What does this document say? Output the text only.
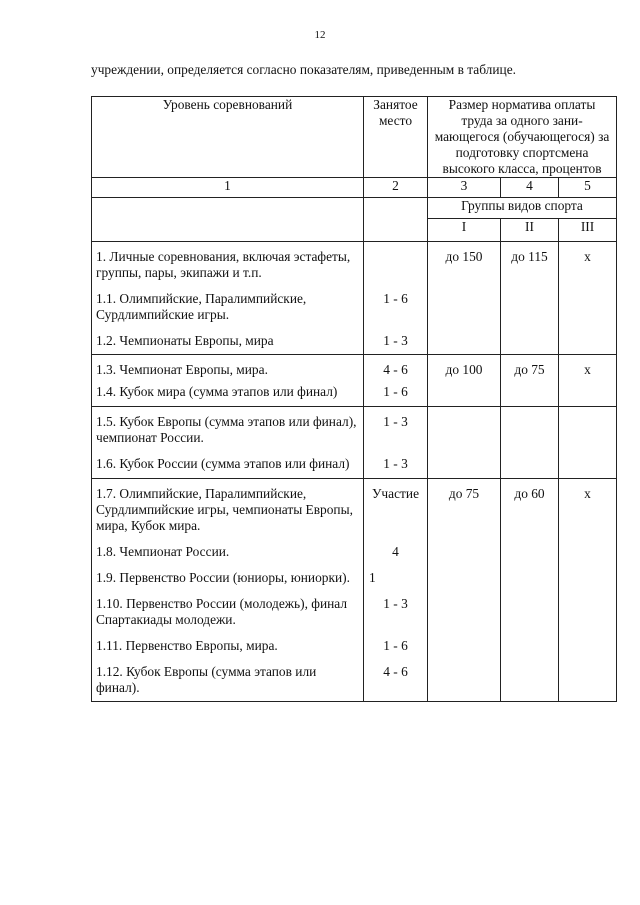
12
учреждении, определяется согласно показателям, приведенным в таблице.
Уровень соревнований	Занятое место	Размер норматива оплаты труда за одного зани-мающегося (обучающегося) за подготовку спортсмена высокого класса, процентов		
1	2	3	4	5
		Группы видов спорта		
		I	II	III
1. Личные соревнования, включая эстафеты, группы, пары, экипажи и т.п.		до 150	до 115	х
1.1. Олимпийские, Паралимпийские, Сурдлимпийские игры.	1 - 6			
1.2. Чемпионаты Европы, мира	1 - 3			
1.3. Чемпионат Европы, мира.	4 - 6	до 100	до 75	х
1.4. Кубок мира (сумма этапов или финал)	1 - 6			
1.5. Кубок Европы (сумма этапов или финал), чемпионат России.	1 - 3			
1.6. Кубок России (сумма этапов или финал)	1 - 3			
1.7. Олимпийские, Паралимпийские, Сурдлимпийские игры, чемпионаты Европы, мира, Кубок мира.	Участие	до 75	до 60	х
1.8. Чемпионат России.	4			
1.9. Первенство России (юниоры, юниорки).	1			
1.10. Первенство России (молодежь), финал Спартакиады молодежи.	1 - 3			
1.11. Первенство Европы, мира.	1 - 6			
1.12. Кубок Европы (сумма этапов или финал).	4 - 6			
